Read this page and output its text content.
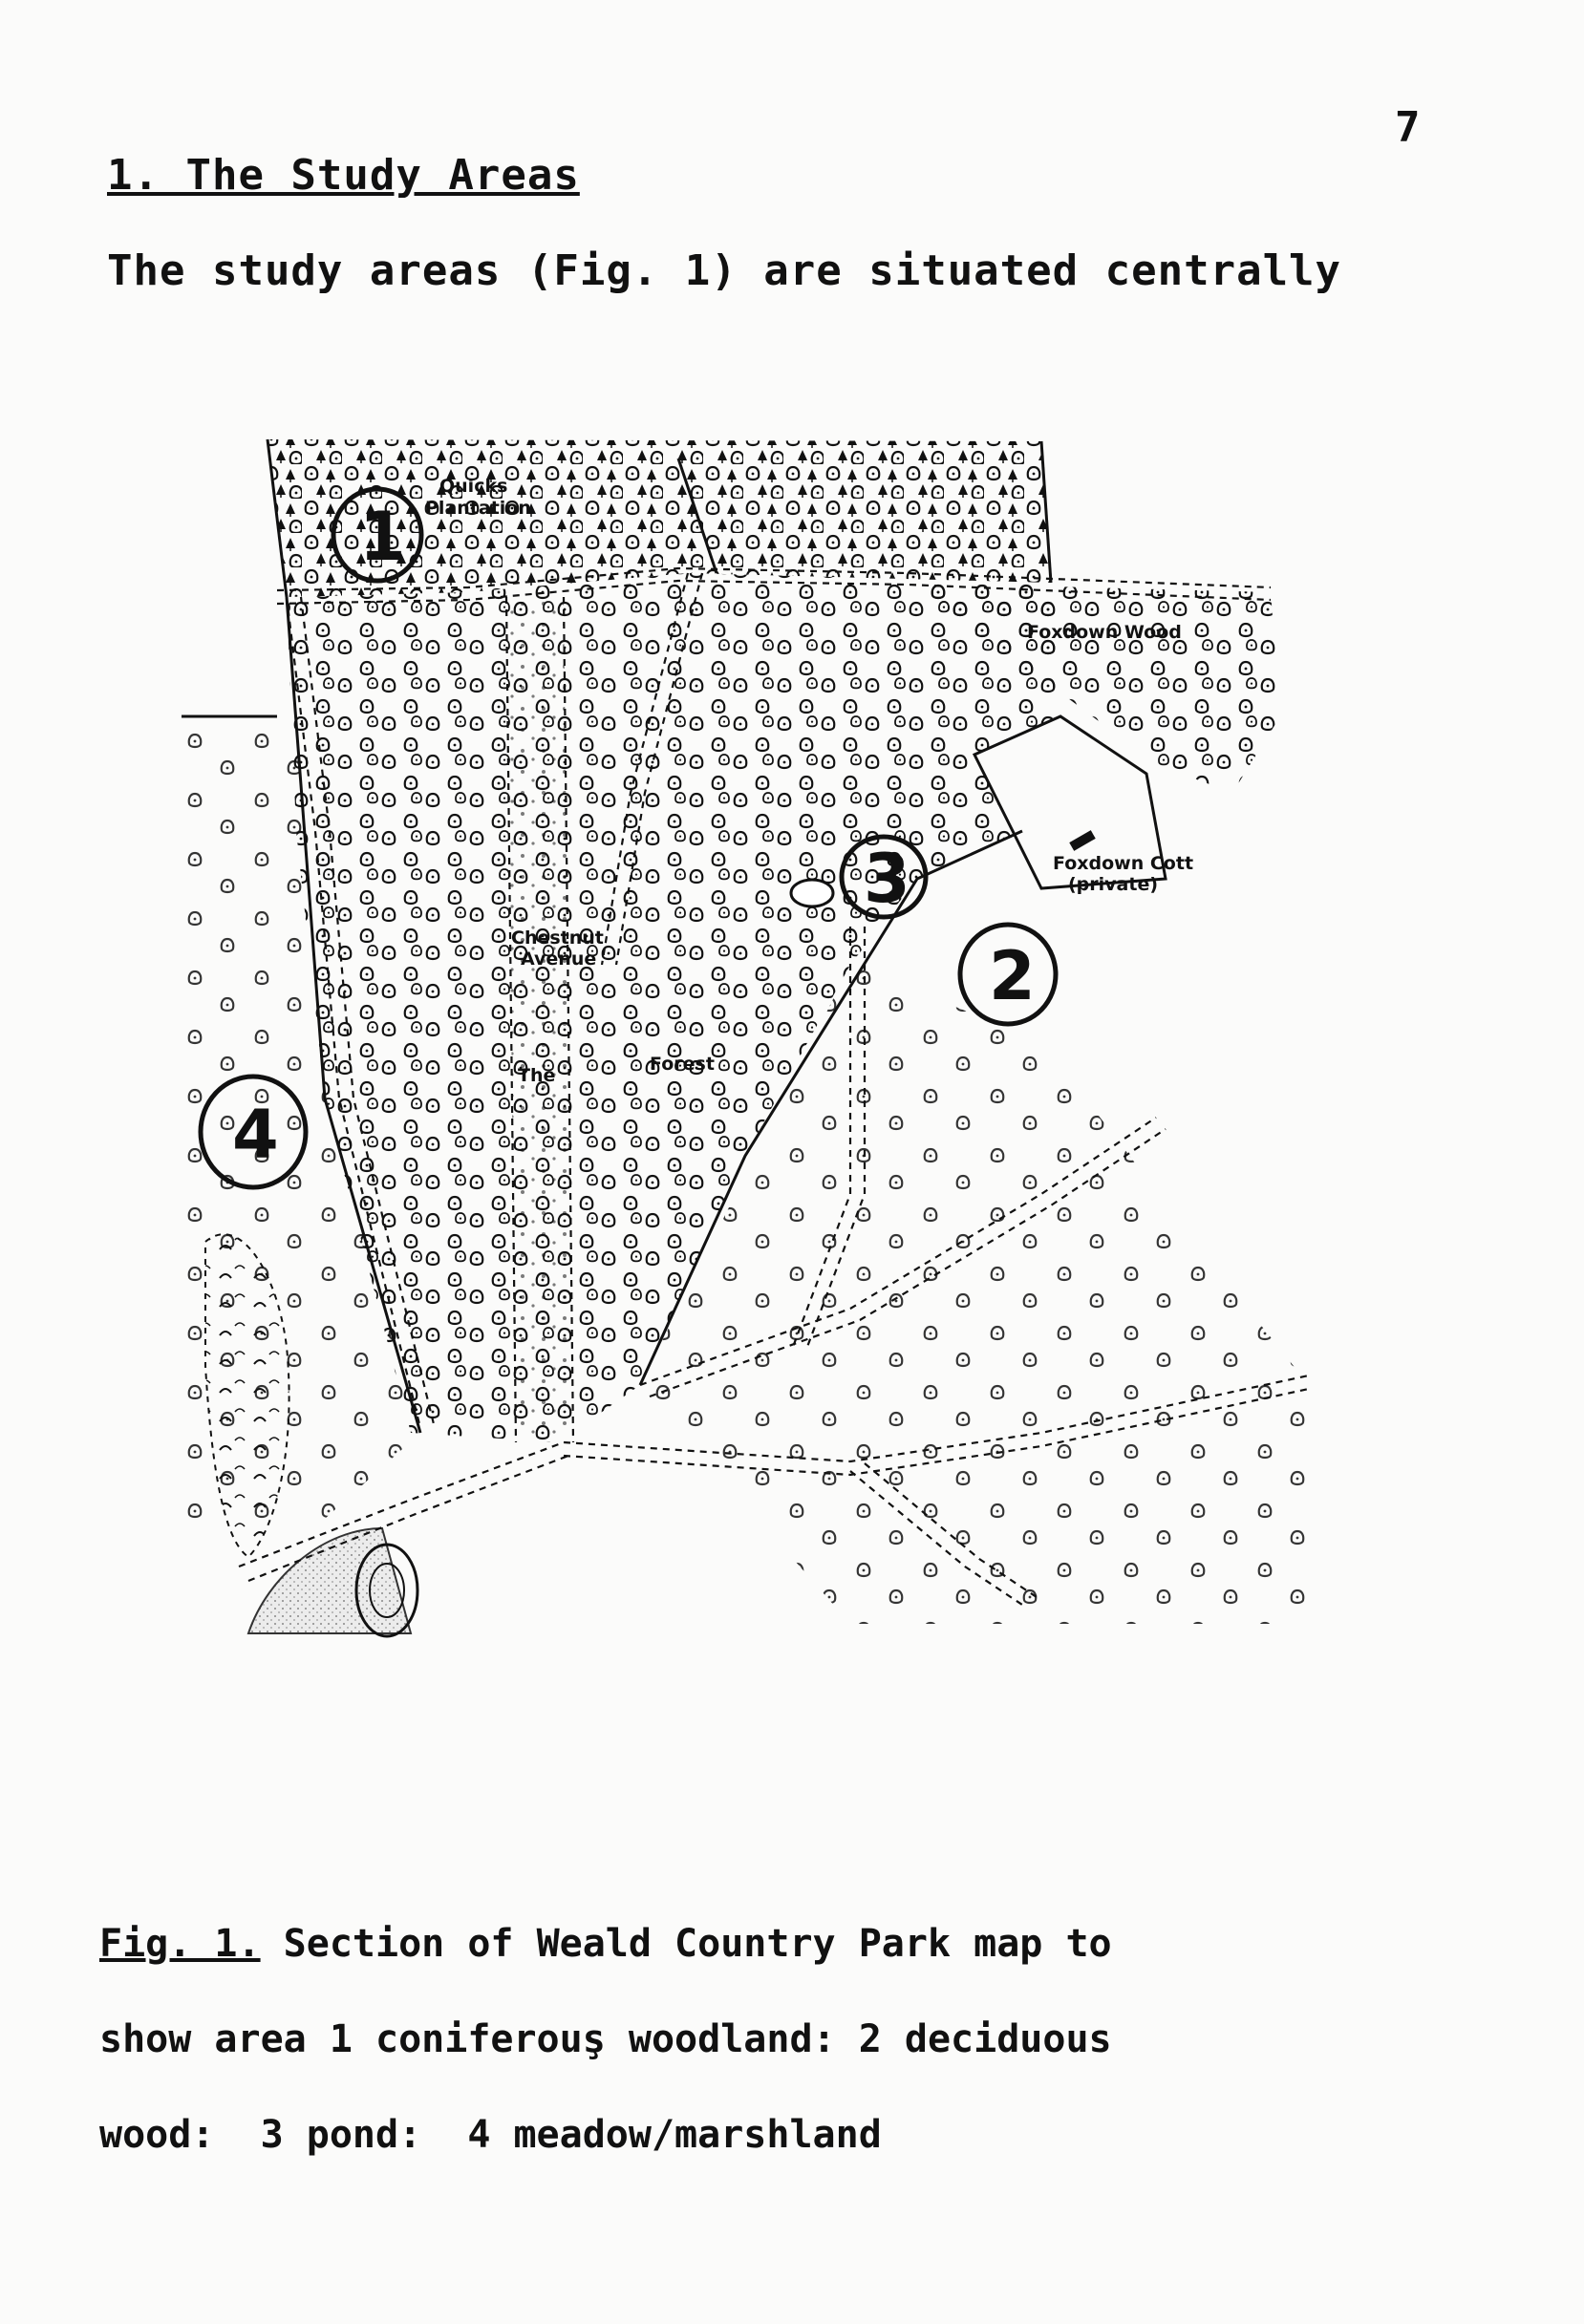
7
1. The Study Areas
The study areas (Fig. 1) are situated centrally
Quicks
Plantation
Foxdown Wood
Foxdown Cott
(private)
Chestnut
Avenue
The
Forest
1
2
3
4

Fig. 1. Section of Weald Country Park map to

show area 1 coniferouş woodland: 2 deciduous

wood:  3 pond:  4 meadow/marshland
